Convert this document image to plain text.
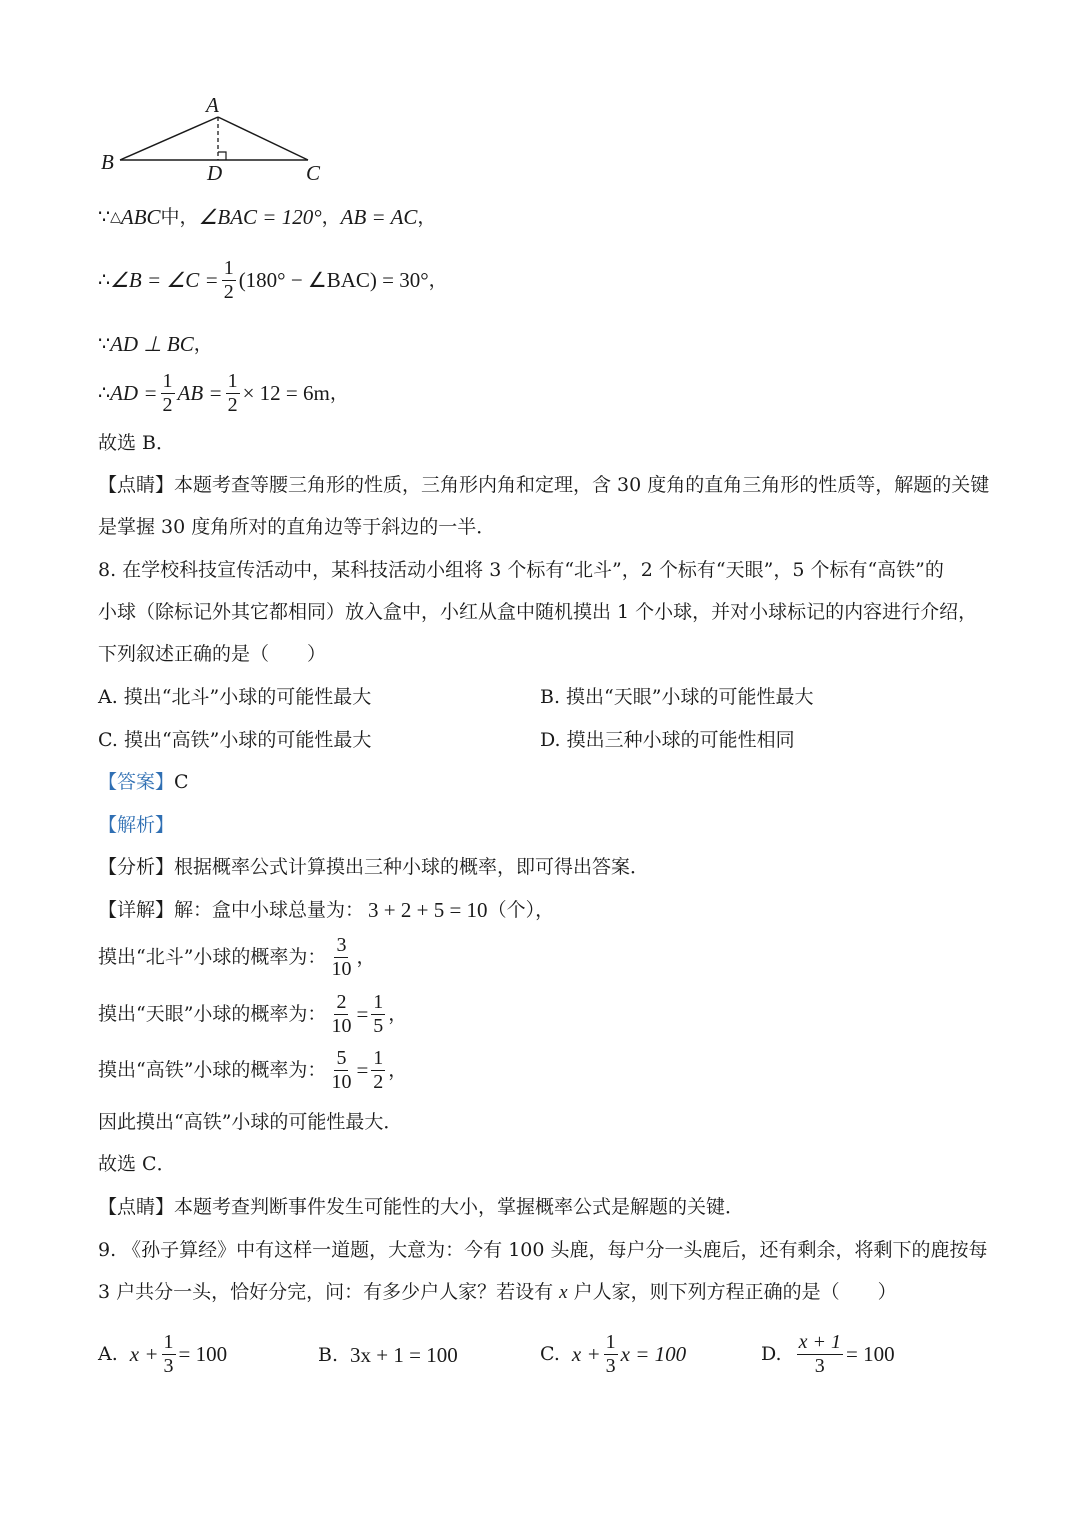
A
B	D	C
∵ △ ABC 中， ∠BAC = 120° ， AB = AC ，
∴ ∠B = ∠C = $\frac{1}{2} (180^\circ$ − ∠BAC) = 30° ，
∵ AD ⊥ BC ，
∴ AD = $\frac{1}{2}$ AB = $\frac{1}{2} \times 12 = 6m$ ，
故选 B．
【点睛】本题考查等腰三角形的性质，三角形内角和定理，含 30 度角的直角三角形的性质等，解题的关键
是掌握 30 度角所对的直角边等于斜边的一半．
8. 在学校科技宣传活动中，某科技活动小组将 3 个标有“北斗”，2 个标有“天眼”，5 个标有“高铁”的
小球（除标记外其它都相同）放入盒中，小红从盒中随机摸出 1 个小球，并对小球标记的内容进行介绍，
下列叙述正确的是（　　）
A. 摸出“北斗”小球的可能性最大	B. 摸出“天眼”小球的可能性最大
C. 摸出“高铁”小球的可能性最大	D. 摸出三种小球的可能性相同
【答案】C
【解析】
【分析】根据概率公式计算摸出三种小球的概率，即可得出答案．
【详解】 解：盒中小球总量为： 3 + 2 + 5 = 10 （个），
摸出“北斗”小球的概率为： $\frac{3}{10}$ ，
摸出“天眼”小球的概率为： $\frac{2}{10} = \frac{1}{5}$ ，
摸出“高铁”小球的概率为： $\frac{5}{10} = \frac{1}{2}$ ，
因此摸出“高铁”小球的可能性最大．
故选 C．
【点睛】本题考查判断事件发生可能性的大小，掌握概率公式是解题的关键．
9. 《孙子算经》中有这样一道题，大意为：今有 100 头鹿，每户分一头鹿后，还有剩余，将剩下的鹿按每
3 户共分一头，恰好分完，问：有多少户人家？若设有 x 户人家，则下列方程正确的是（　　）
A. $x + \frac{1}{3} = 100$	B. 3x + 1 = 100	C. $x + \frac{1}{3}$ x = 100	D. $\frac{x + 1}{3} = 100$
